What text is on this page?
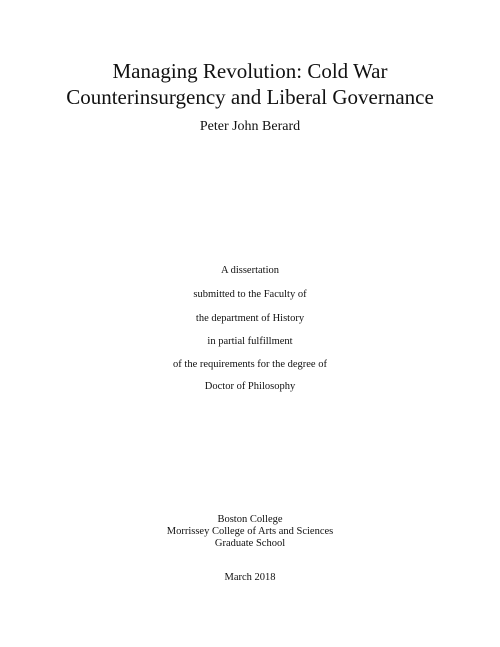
Managing Revolution: Cold War
Counterinsurgency and Liberal Governance
Peter John Berard
A dissertation
submitted to the Faculty of
the department of History
in partial fulfillment
of the requirements for the degree of
Doctor of Philosophy
Boston College
Morrissey College of Arts and Sciences
Graduate School
March 2018
